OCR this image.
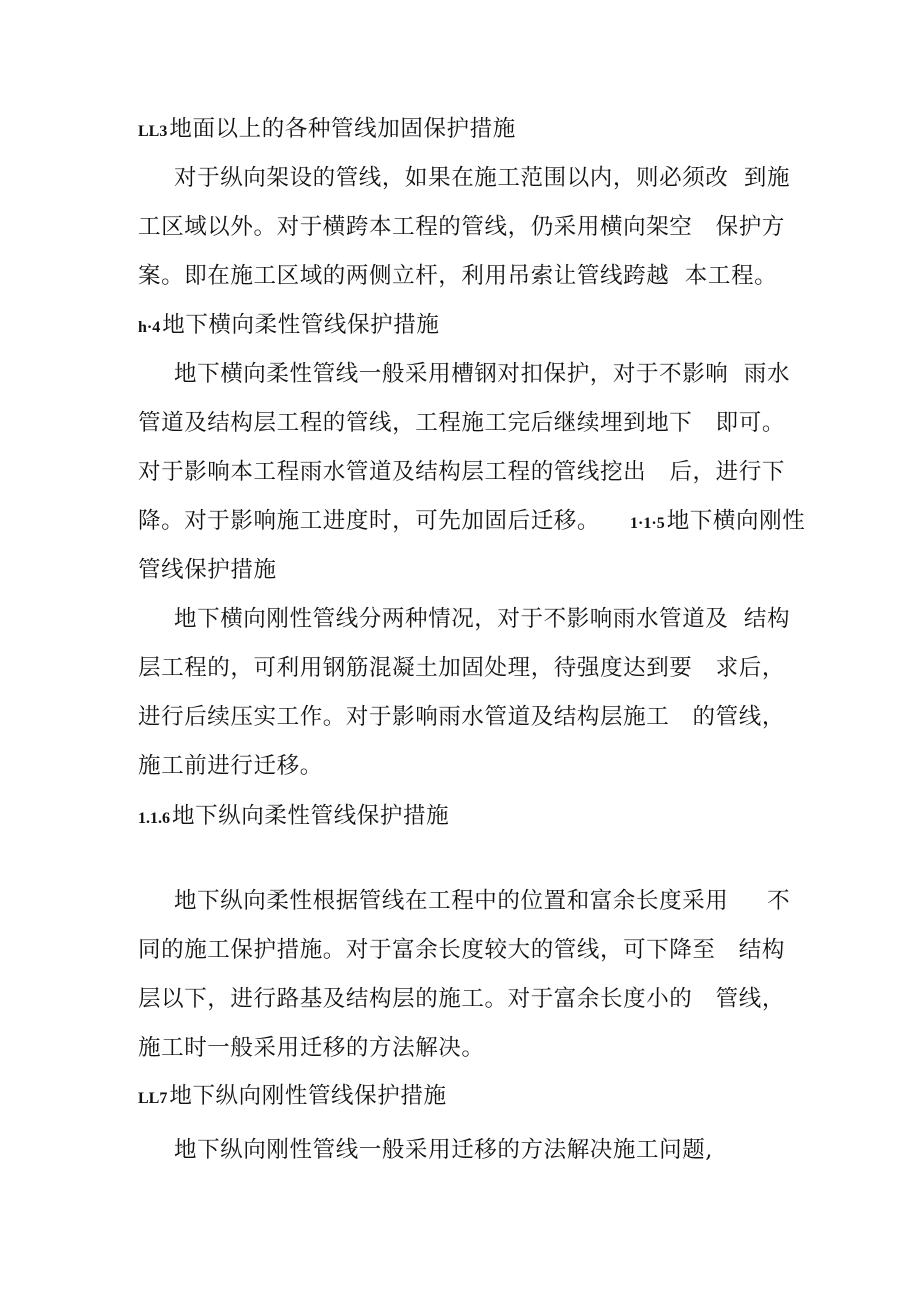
LL3地面以上的各种管线加固保护措施
对于纵向架设的管线，如果在施工范围以内，则必须改  到施
工区域以外。对于横跨本工程的管线，仍采用横向架空   保护方
案。即在施工区域的两侧立杆，利用吊索让管线跨越  本工程。
h·4地下横向柔性管线保护措施
地下横向柔性管线一般采用槽钢对扣保护，对于不影响  雨水
管道及结构层工程的管线，工程施工完后继续埋到地下   即可。
对于影响本工程雨水管道及结构层工程的管线挖出   后，进行下
降。对于影响施工进度时，可先加固后迁移。 1·1·5地下横向刚性
管线保护措施
地下横向刚性管线分两种情况，对于不影响雨水管道及  结构
层工程的，可利用钢筋混凝土加固处理，待强度达到要   求后，
进行后续压实工作。对于影响雨水管道及结构层施工   的管线，
施工前进行迁移。
1.1.6地下纵向柔性管线保护措施
地下纵向柔性根据管线在工程中的位置和富余长度采用     不
同的施工保护措施。对于富余长度较大的管线，可下降至   结构
层以下，进行路基及结构层的施工。对于富余长度小的   管线，
施工时一般采用迁移的方法解决。
LL7地下纵向刚性管线保护措施
地下纵向刚性管线一般采用迁移的方法解决施工问题,
